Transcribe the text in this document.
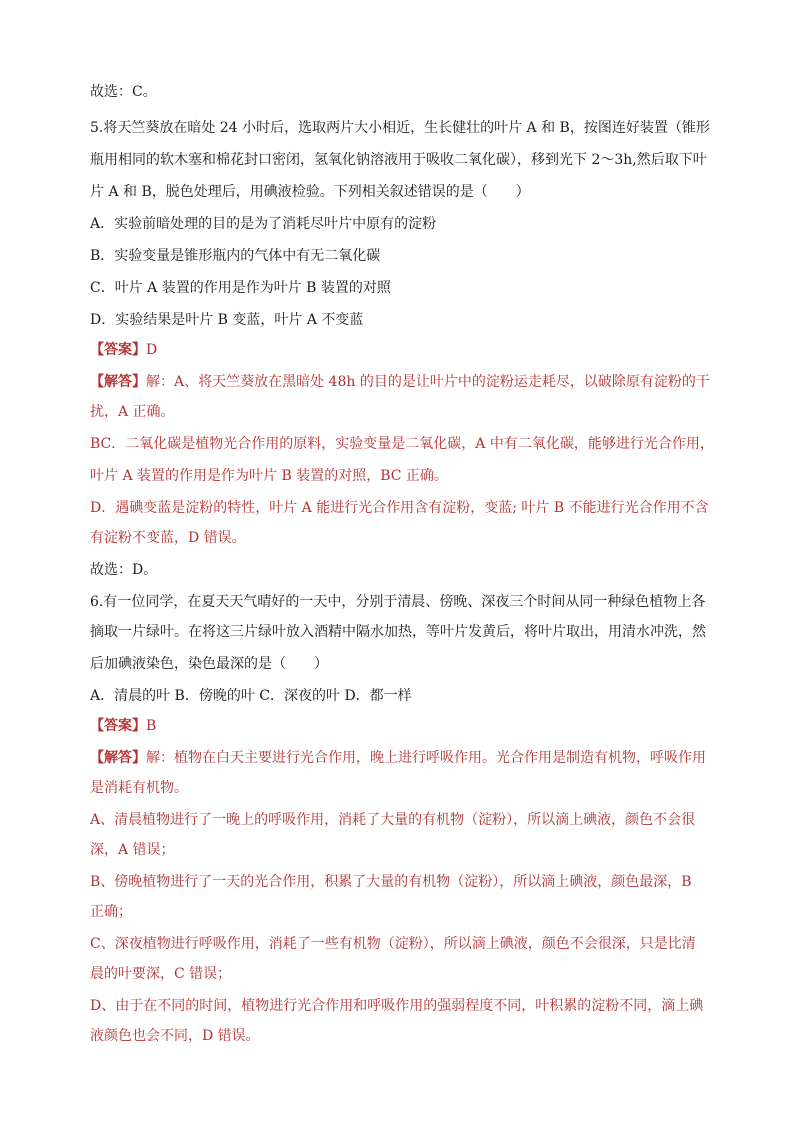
故选：C。
5.将天竺葵放在暗处 24 小时后，选取两片大小相近，生长健壮的叶片 A 和 B，按图连好装置（锥形
瓶用相同的软木塞和棉花封口密闭，氢氧化钠溶液用于吸收二氧化碳），移到光下 2～3h,然后取下叶
片 A 和 B，脱色处理后，用碘液检验。下列相关叙述错误的是（　　）
A．实验前暗处理的目的是为了消耗尽叶片中原有的淀粉
B．实验变量是锥形瓶内的气体中有无二氧化碳
C．叶片 A 装置的作用是作为叶片 B 装置的对照
D．实验结果是叶片 B 变蓝，叶片 A 不变蓝
【答案】D
【解答】解：A、将天竺葵放在黑暗处 48h 的目的是让叶片中的淀粉运走耗尽，以破除原有淀粉的干
扰，A 正确。
BC．二氧化碳是植物光合作用的原料，实验变量是二氧化碳，A 中有二氧化碳，能够进行光合作用，
叶片 A 装置的作用是作为叶片 B 装置的对照，BC 正确。
D．遇碘变蓝是淀粉的特性，叶片 A 能进行光合作用含有淀粉，变蓝; 叶片 B 不能进行光合作用不含
有淀粉不变蓝，D 错误。
故选：D。
6.有一位同学，在夏天天气晴好的一天中，分别于清晨、傍晚、深夜三个时间从同一种绿色植物上各
摘取一片绿叶。在将这三片绿叶放入酒精中隔水加热，等叶片发黄后，将叶片取出，用清水冲洗，然
后加碘液染色，染色最深的是（　　）
A．清晨的叶 B．傍晚的叶 C．深夜的叶 D．都一样
【答案】B
【解答】解：植物在白天主要进行光合作用，晚上进行呼吸作用。光合作用是制造有机物，呼吸作用
是消耗有机物。
A、清晨植物进行了一晚上的呼吸作用，消耗了大量的有机物（淀粉），所以滴上碘液，颜色不会很
深，A 错误；
B、傍晚植物进行了一天的光合作用，积累了大量的有机物（淀粉），所以滴上碘液，颜色最深，B
正确；
C、深夜植物进行呼吸作用，消耗了一些有机物（淀粉），所以滴上碘液，颜色不会很深，只是比清
晨的叶要深，C 错误；
D、由于在不同的时间，植物进行光合作用和呼吸作用的强弱程度不同，叶积累的淀粉不同，滴上碘
液颜色也会不同，D 错误。
